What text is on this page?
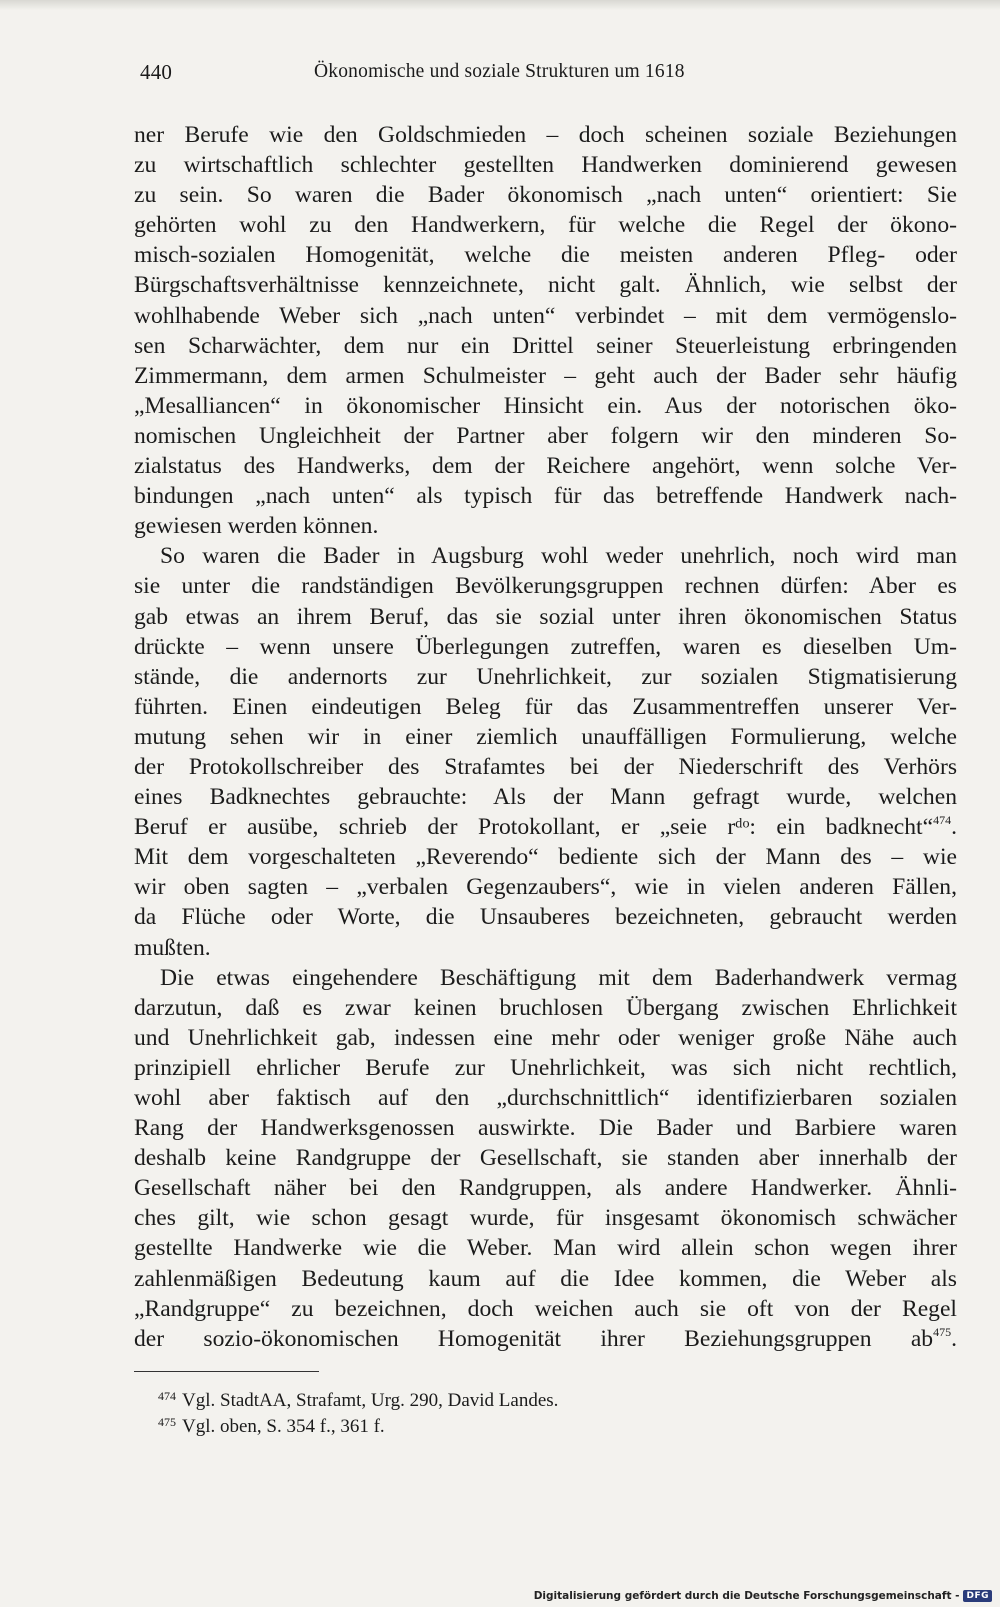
440	Ökonomische und soziale Strukturen um 1618
ner Berufe wie den Goldschmieden – doch scheinen soziale Beziehungen
zu wirtschaftlich schlechter gestellten Handwerken dominierend gewesen
zu sein. So waren die Bader ökonomisch „nach unten“ orientiert: Sie
gehörten wohl zu den Handwerkern, für welche die Regel der ökono-
misch-sozialen Homogenität, welche die meisten anderen Pfleg- oder
Bürgschaftsverhältnisse kennzeichnete, nicht galt. Ähnlich, wie selbst der
wohlhabende Weber sich „nach unten“ verbindet – mit dem vermögenslo-
sen Scharwächter, dem nur ein Drittel seiner Steuerleistung erbringenden
Zimmermann, dem armen Schulmeister – geht auch der Bader sehr häufig
„Mesalliancen“ in ökonomischer Hinsicht ein. Aus der notorischen öko-
nomischen Ungleichheit der Partner aber folgern wir den minderen So-
zialstatus des Handwerks, dem der Reichere angehört, wenn solche Ver-
bindungen „nach unten“ als typisch für das betreffende Handwerk nach-
gewiesen werden können.
So waren die Bader in Augsburg wohl weder unehrlich, noch wird man
sie unter die randständigen Bevölkerungsgruppen rechnen dürfen: Aber es
gab etwas an ihrem Beruf, das sie sozial unter ihren ökonomischen Status
drückte – wenn unsere Überlegungen zutreffen, waren es dieselben Um-
stände, die andernorts zur Unehrlichkeit, zur sozialen Stigmatisierung
führten. Einen eindeutigen Beleg für das Zusammentreffen unserer Ver-
mutung sehen wir in einer ziemlich unauffälligen Formulierung, welche
der Protokollschreiber des Strafamtes bei der Niederschrift des Verhörs
eines Badknechtes gebrauchte: Als der Mann gefragt wurde, welchen
Beruf er ausübe, schrieb der Protokollant, er „seie rᵈᵒ: ein badknecht“$^{474}$.
Mit dem vorgeschalteten „Reverendo“ bediente sich der Mann des – wie
wir oben sagten – „verbalen Gegenzaubers“, wie in vielen anderen Fällen,
da Flüche oder Worte, die Unsauberes bezeichneten, gebraucht werden
mußten.
Die etwas eingehendere Beschäftigung mit dem Baderhandwerk vermag
darzutun, daß es zwar keinen bruchlosen Übergang zwischen Ehrlichkeit
und Unehrlichkeit gab, indessen eine mehr oder weniger große Nähe auch
prinzipiell ehrlicher Berufe zur Unehrlichkeit, was sich nicht rechtlich,
wohl aber faktisch auf den „durchschnittlich“ identifizierbaren sozialen
Rang der Handwerksgenossen auswirkte. Die Bader und Barbiere waren
deshalb keine Randgruppe der Gesellschaft, sie standen aber innerhalb der
Gesellschaft näher bei den Randgruppen, als andere Handwerker. Ähnli-
ches gilt, wie schon gesagt wurde, für insgesamt ökonomisch schwächer
gestellte Handwerke wie die Weber. Man wird allein schon wegen ihrer
zahlenmäßigen Bedeutung kaum auf die Idee kommen, die Weber als
„Randgruppe“ zu bezeichnen, doch weichen auch sie oft von der Regel
der sozio-ökonomischen Homogenität ihrer Beziehungsgruppen $ab^{475}$.
$^{474}$ Vgl. StadtAA, Strafamt, Urg. 290, David Landes.
$^{475}$ Vgl. oben, S. 354 f., 361 f.
Digitalisierung gefördert durch die Deutsche Forschungsgemeinschaft - DFG
